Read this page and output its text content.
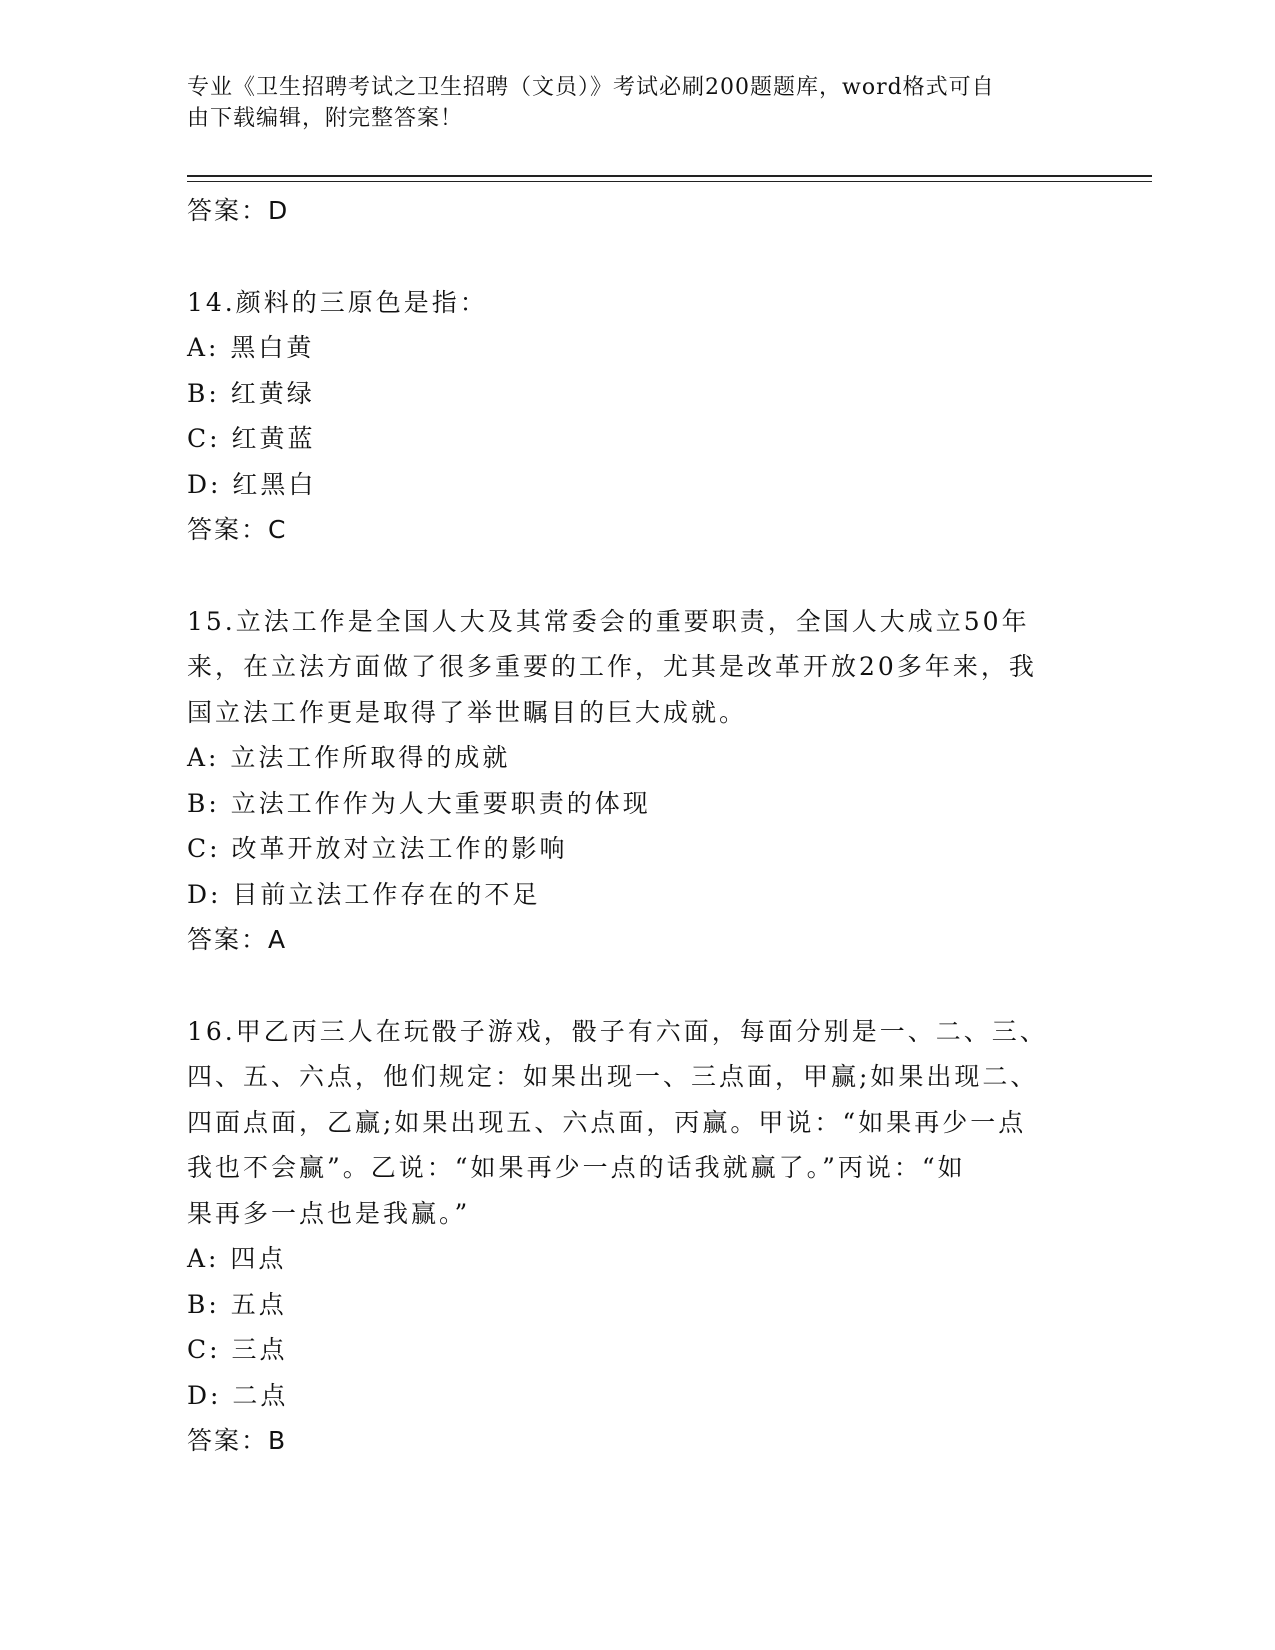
专业《卫生招聘考试之卫生招聘（文员）》考试必刷200题题库，word格式可自
由下载编辑，附完整答案！
答案：D
14.颜料的三原色是指：
A: 黑白黄
B: 红黄绿
C: 红黄蓝
D: 红黑白
答案：C
15.立法工作是全国人大及其常委会的重要职责，全国人大成立50年
来，在立法方面做了很多重要的工作，尤其是改革开放20多年来，我
国立法工作更是取得了举世瞩目的巨大成就。
A: 立法工作所取得的成就
B: 立法工作作为人大重要职责的体现
C: 改革开放对立法工作的影响
D: 目前立法工作存在的不足
答案：A
16.甲乙丙三人在玩骰子游戏，骰子有六面，每面分别是一、二、三、
四、五、六点，他们规定：如果出现一、三点面，甲赢;如果出现二、
四面点面，乙赢;如果出现五、六点面，丙赢。甲说：“如果再少一点
我也不会赢”。乙说：“如果再少一点的话我就赢了。”丙说：“如
果再多一点也是我赢。”
A: 四点
B: 五点
C: 三点
D: 二点
答案：B
